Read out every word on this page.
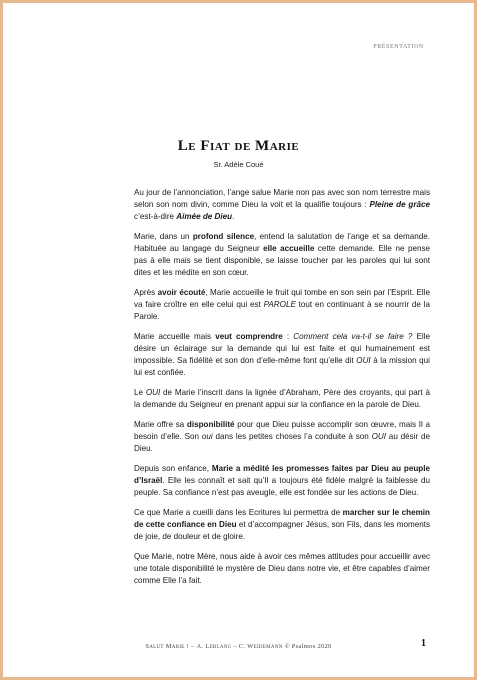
PRÉSENTATION
Le Fiat de Marie
Sr. Adèle Coué

Au jour de l’annonciation, l’ange salue Marie non pas avec son nom terrestre mais selon son nom divin, comme Dieu la voit et la qualifie toujours : Pleine de grâce c’est-à-dire Aimée de Dieu.

Marie, dans un profond silence, entend la salutation de l’ange et sa demande. Habituée au langage du Seigneur elle accueille cette demande. Elle ne pense pas à elle mais se tient disponible, se laisse toucher par les paroles qui lui sont dites et les médite en son cœur.

Après avoir écouté, Marie accueille le fruit qui tombe en son sein par l’Esprit. Elle va faire croître en elle celui qui est PAROLE tout en continuant à se nourrir de la Parole.

Marie accueille mais veut comprendre : Comment cela va-t-il se faire ? Elle désire un éclairage sur la demande qui lui est faite et qui humainement est impossible. Sa fidélité et son don d’elle-même font qu’elle dit OUI à la mission qui lui est confiée.

Le OUI de Marie l’inscrit dans la lignée d’Abraham, Père des croyants, qui part à la demande du Seigneur en prenant appui sur la confiance en la parole de Dieu.

Marie offre sa disponibilité pour que Dieu puisse accomplir son œuvre, mais Il a besoin d’elle. Son oui dans les petites choses l’a conduite à son OUI au désir de Dieu.

Depuis son enfance, Marie a médité les promesses faites par Dieu au peuple d’Israël. Elle les connaît et sait qu’Il a toujours été fidèle malgré la faiblesse du peuple. Sa confiance n’est pas aveugle, elle est fondée sur les actions de Dieu.

Ce que Marie a cueilli dans les Ecritures lui permettra de marcher sur le chemin de cette confiance en Dieu et d’accompagner Jésus, son Fils, dans les moments de joie, de douleur et de gloire.

Que Marie, notre Mère, nous aide à avoir ces mêmes attitudes pour accueillir avec une totale disponibilité le mystère de Dieu dans notre vie, et être capables d’aimer comme Elle l’a fait.

Salut Marie ! – A. Leblanc – C. Weidemann © Psalmos 2020	1
